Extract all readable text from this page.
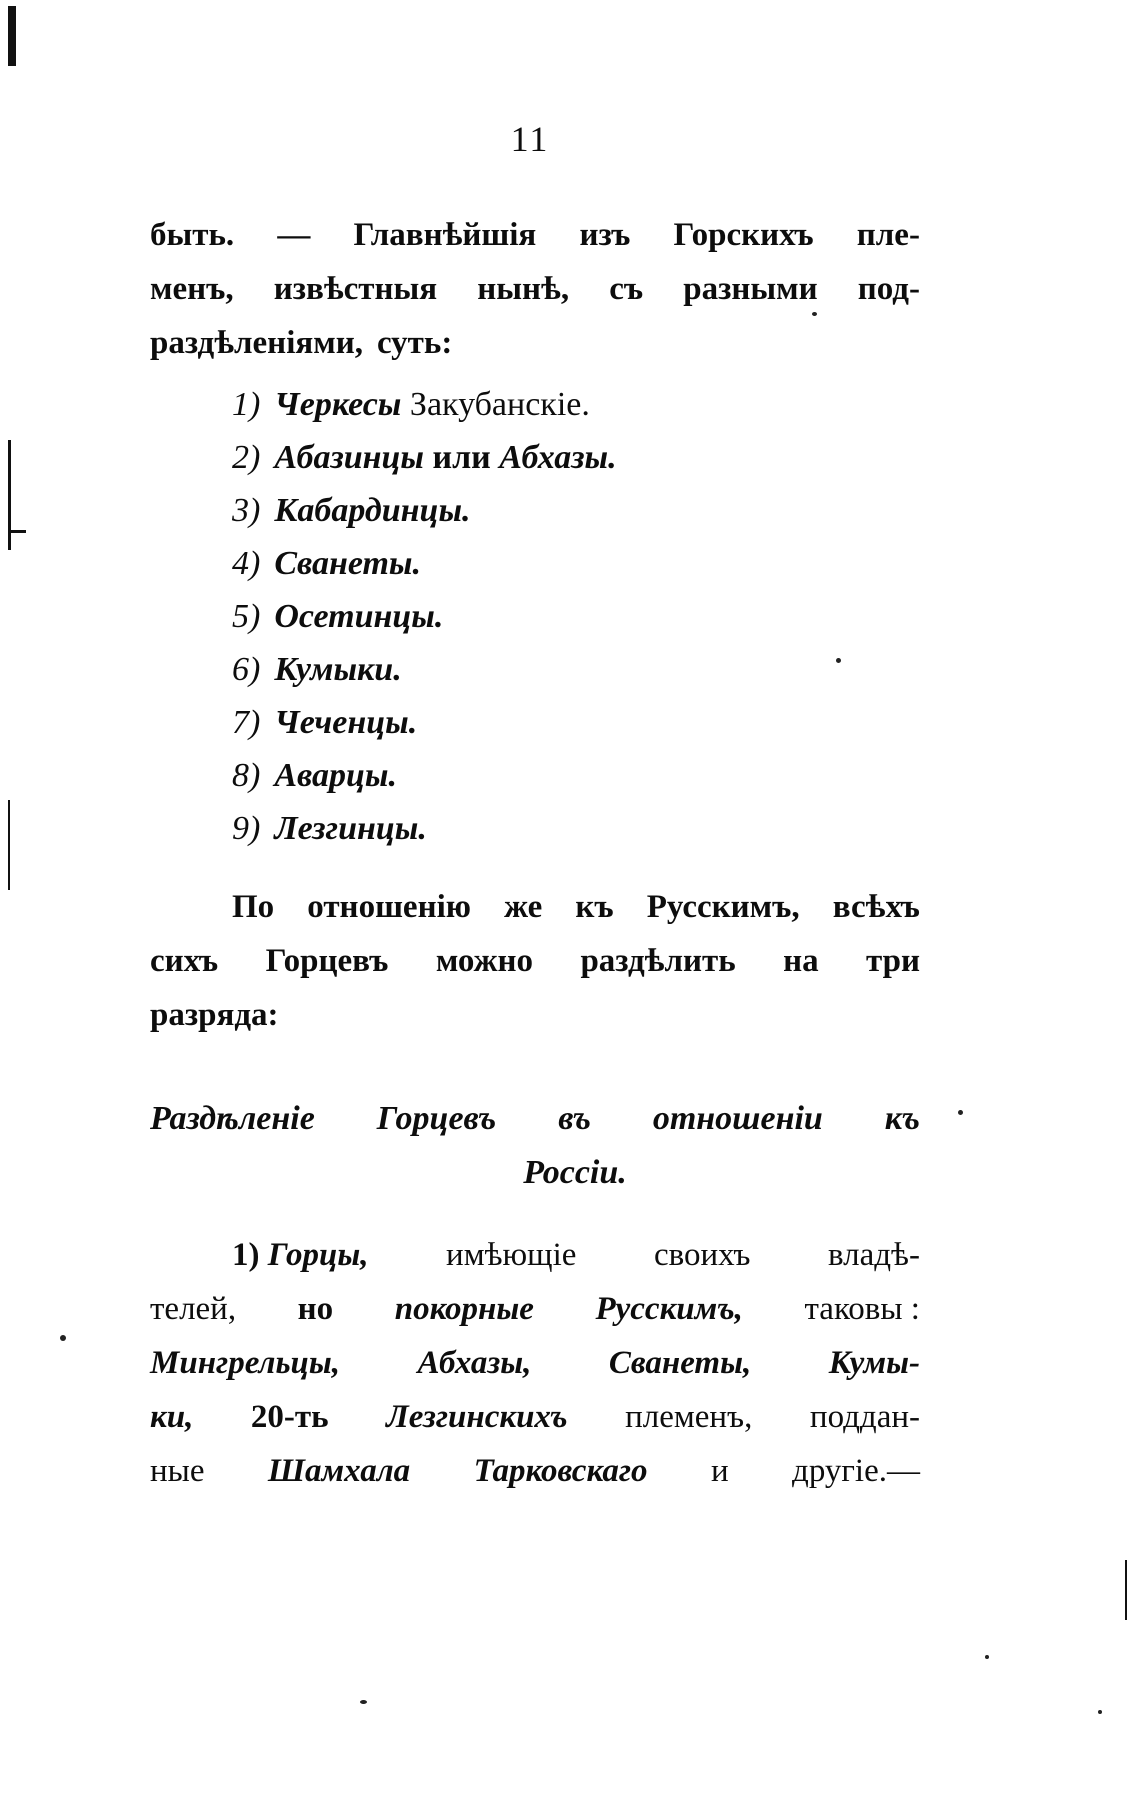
11
быть. — Главнѣйшія изъ Горскихъ пле-
менъ, извѣстныя нынѣ, съ разными под-
раздѣленіями, суть:
1) Черкесы Закубанскіе.
2) Абазинцы или Абхазы.
3) Кабардинцы.
4) Сванеты.
5) Осетинцы.
6) Кумыки.
7) Чеченцы.
8) Аварцы.
9) Лезгинцы.
По отношенію же къ Русскимъ, всѣхъ
сихъ Горцевъ можно раздѣлить на три
разряда:
Раздѣленіе Горцевъ въ отношеніи къ
Россіи.
1) Горцы, имѣющіе своихъ владѣ-
телей, но покорные Русскимъ, таковы :
Мингрельцы, Абхазы, Сванеты, Кумы-
ки, 20-ть Лезгинскихъ племенъ, поддан-
ные Шамхала Тарковскаго и другіе.—
